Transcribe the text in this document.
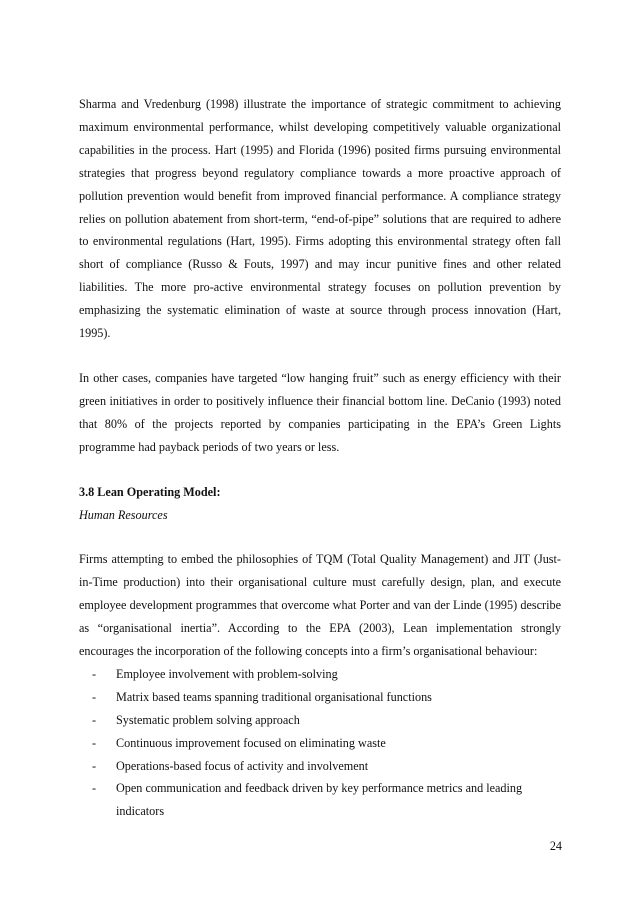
Sharma and Vredenburg (1998) illustrate the importance of strategic commitment to achieving maximum environmental performance, whilst developing competitively valuable organizational capabilities in the process. Hart (1995) and Florida (1996) posited firms pursuing environmental strategies that progress beyond regulatory compliance towards a more proactive approach of pollution prevention would benefit from improved financial performance. A compliance strategy relies on pollution abatement from short-term, “end-of-pipe” solutions that are required to adhere to environmental regulations (Hart, 1995). Firms adopting this environmental strategy often fall short of compliance (Russo & Fouts, 1997) and may incur punitive fines and other related liabilities. The more pro-active environmental strategy focuses on pollution prevention by emphasizing the systematic elimination of waste at source through process innovation (Hart, 1995).

In other cases, companies have targeted “low hanging fruit” such as energy efficiency with their green initiatives in order to positively influence their financial bottom line. DeCanio (1993) noted that 80% of the projects reported by companies participating in the EPA’s Green Lights programme had payback periods of two years or less.

3.8 Lean Operating Model:

Human Resources

Firms attempting to embed the philosophies of TQM (Total Quality Management) and JIT (Just-in-Time production) into their organisational culture must carefully design, plan, and execute employee development programmes that overcome what Porter and van der Linde (1995) describe as “organisational inertia”. According to the EPA (2003), Lean implementation strongly encourages the incorporation of the following concepts into a firm’s organisational behaviour:

- Employee involvement with problem-solving
- Matrix based teams spanning traditional organisational functions
- Systematic problem solving approach
- Continuous improvement focused on eliminating waste
- Operations-based focus of activity and involvement
- Open communication and feedback driven by key performance metrics and leading indicators
24
